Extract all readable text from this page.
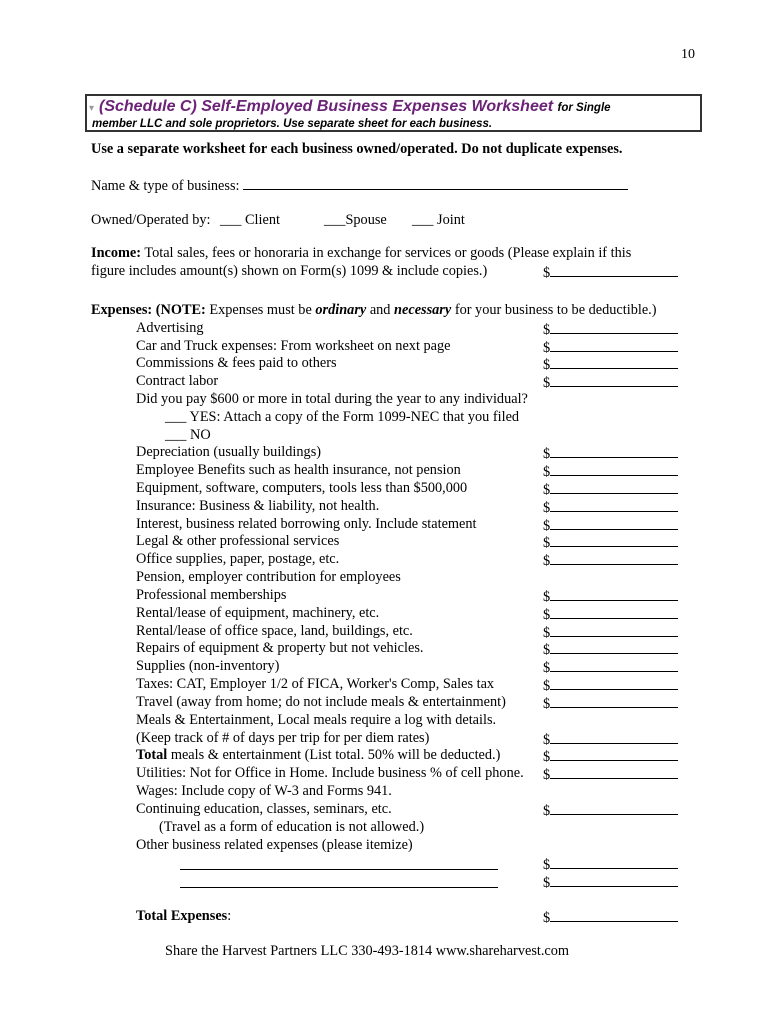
10
▾ (Schedule C) Self-Employed Business Expenses Worksheet for Single
member LLC and sole proprietors. Use separate sheet for each business.
Use a separate worksheet for each business owned/operated. Do not duplicate expenses.
Name & type of business:
Owned/Operated by: ___ Client	___Spouse ___ Joint
Income: Total sales, fees or honoraria in exchange for services or goods (Please explain if this
figure includes amount(s) shown on Form(s) 1099 & include copies.)	$
Expenses: (NOTE: Expenses must be ordinary and necessary for your business to be deductible.)
Advertising	$
Car and Truck expenses: From worksheet on next page	$
Commissions & fees paid to others	$
Contract labor	$
Did you pay $600 or more in total during the year to any individual?
___ YES: Attach a copy of the Form 1099-NEC that you filed
___ NO
Depreciation (usually buildings)	$
Employee Benefits such as health insurance, not pension	$
Equipment, software, computers, tools less than $500,000	$
Insurance: Business & liability, not health.	$
Interest, business related borrowing only. Include statement	$
Legal & other professional services	$
Office supplies, paper, postage, etc.	$
Pension, employer contribution for employees
Professional memberships	$
Rental/lease of equipment, machinery, etc.	$
Rental/lease of office space, land, buildings, etc.	$
Repairs of equipment & property but not vehicles.	$
Supplies (non-inventory)	$
Taxes: CAT, Employer 1/2 of FICA, Worker's Comp, Sales tax	$
Travel (away from home; do not include meals & entertainment)	$
Meals & Entertainment, Local meals require a log with details.
(Keep track of # of days per trip for per diem rates)	$
Total meals & entertainment (List total. 50% will be deducted.)	$
Utilities: Not for Office in Home. Include business % of cell phone. $
Wages: Include copy of W-3 and Forms 941.
Continuing education, classes, seminars, etc.	$
(Travel as a form of education is not allowed.)
Other business related expenses (please itemize)
$
$
Total Expenses:	$
Share the Harvest Partners LLC 330-493-1814 www.shareharvest.com
